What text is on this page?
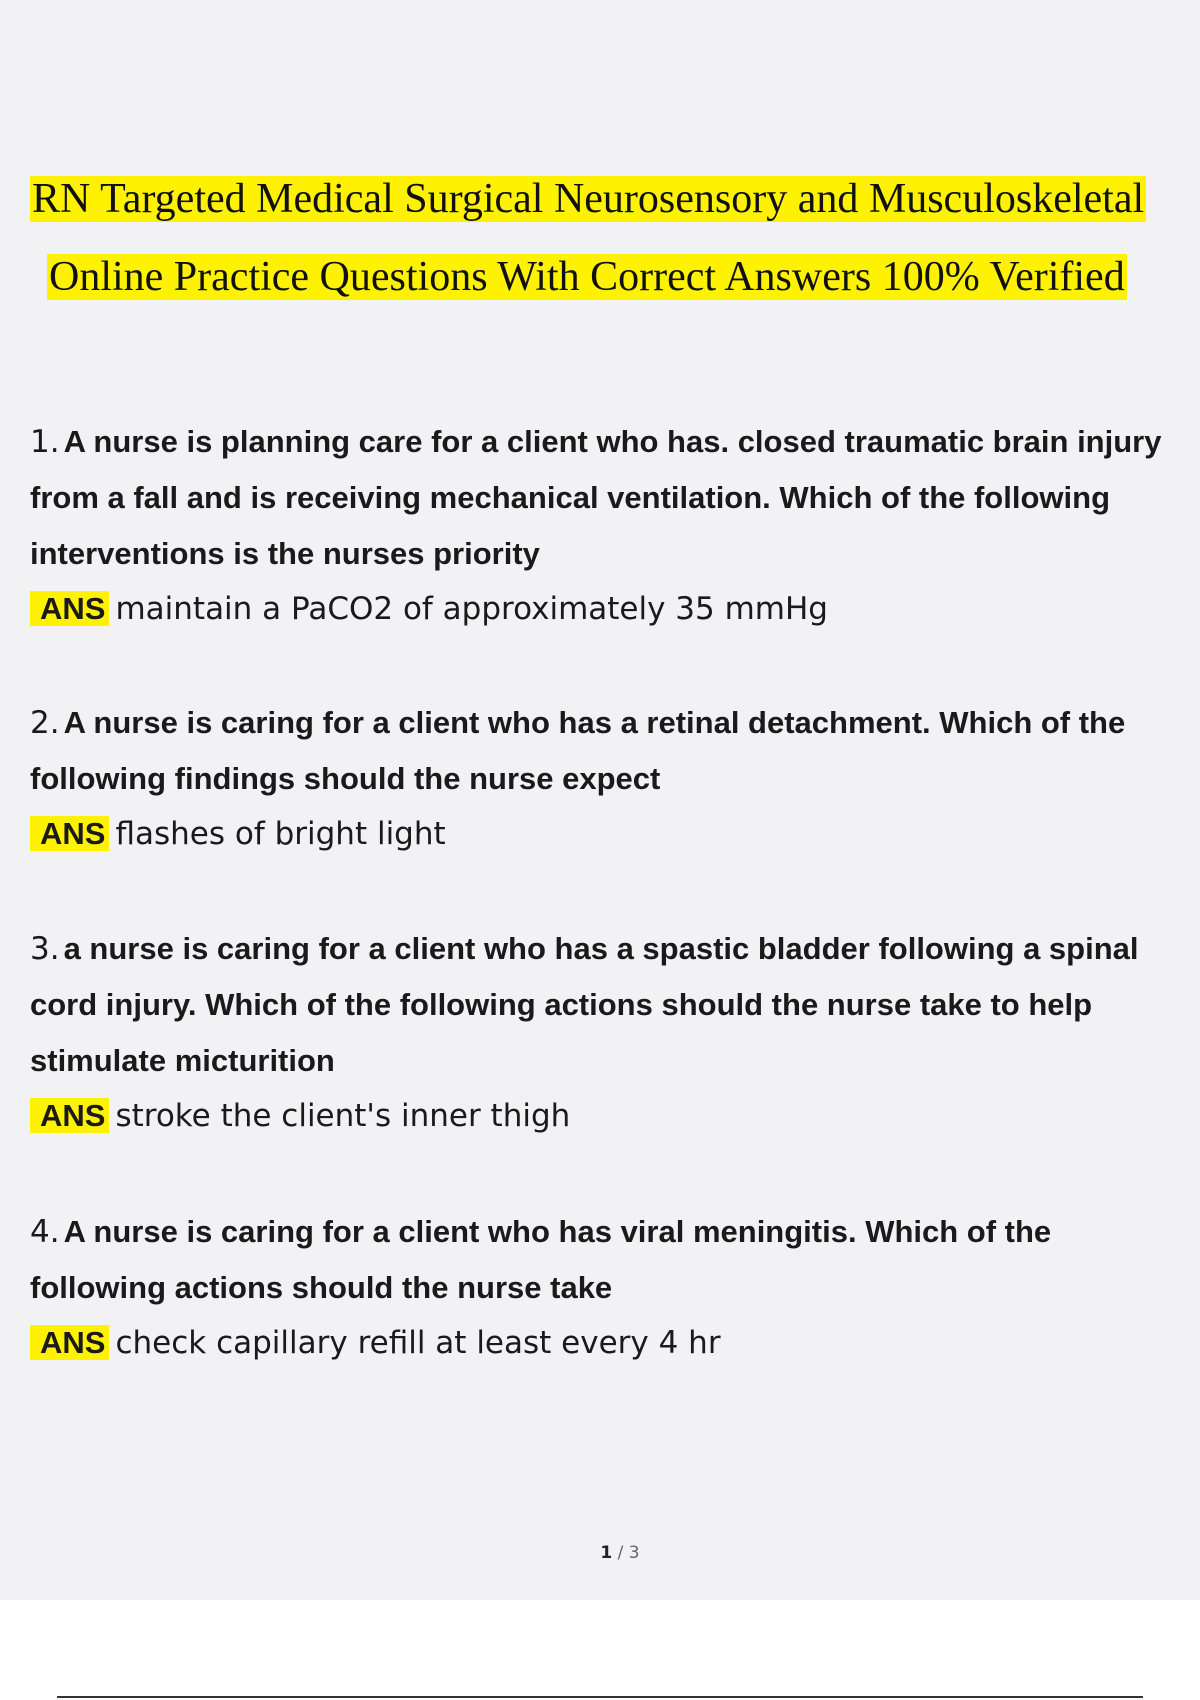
RN Targeted Medical Surgical Neurosensory and Musculoskeletal
Online Practice Questions With Correct Answers 100% Verified

1. A nurse is planning care for a client who has. closed traumatic brain injury from a fall and is receiving mechanical ventilation. Which of the following interventions is the nurses priority

ANS maintain a PaCO2 of approximately 35 mmHg

2. A nurse is caring for a client who has a retinal detachment. Which of the following findings should the nurse expect

ANS flashes of bright light

3. a nurse is caring for a client who has a spastic bladder following a spinal cord injury. Which of the following actions should the nurse take to help stimulate micturition

ANS stroke the client's inner thigh

4. A nurse is caring for a client who has viral meningitis. Which of the following actions should the nurse take

ANS check capillary refill at least every 4 hr
1 / 3
